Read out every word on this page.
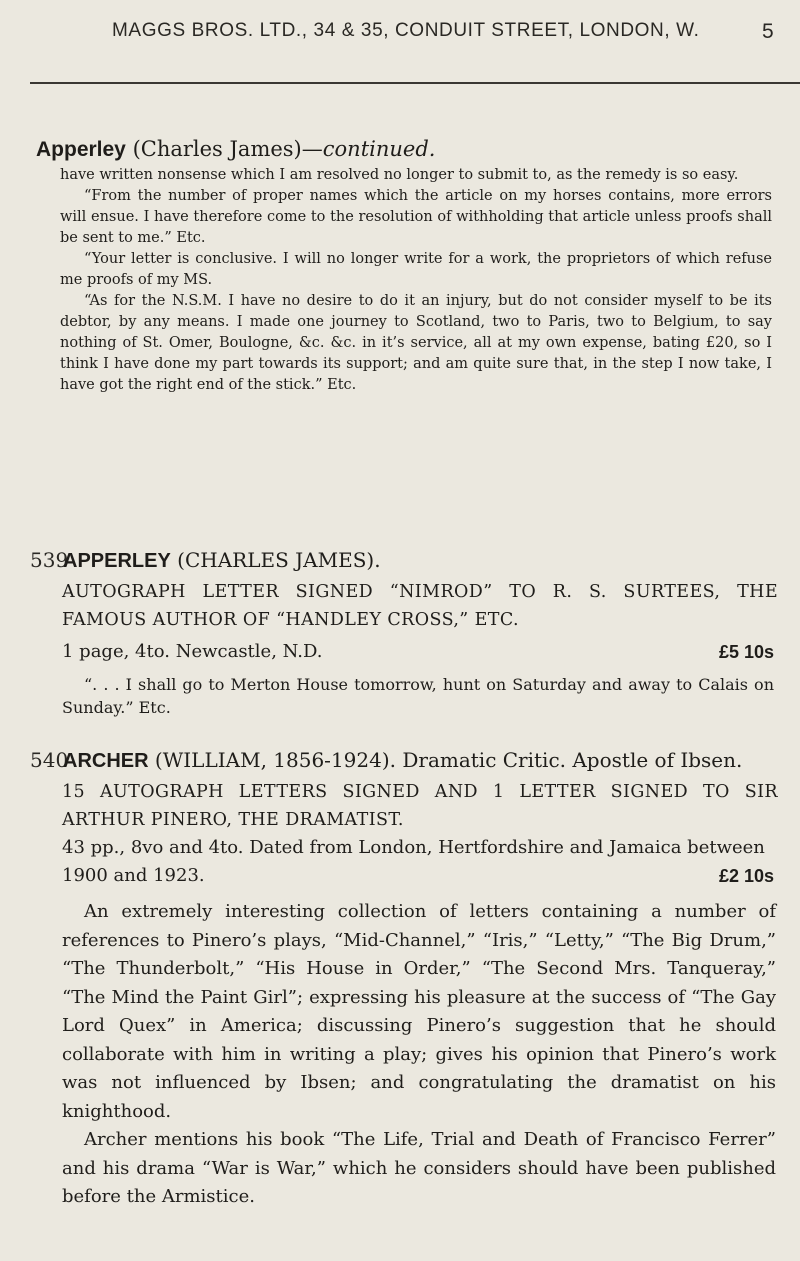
MAGGS BROS. LTD., 34 & 35, CONDUIT STREET, LONDON, W.	5
Apperley (Charles James)—continued.

have written nonsense which I am resolved no longer to submit to, as the remedy is so easy.

“From the number of proper names which the article on my horses contains, more errors will ensue. I have therefore come to the resolution of withholding that article unless proofs shall be sent to me.” Etc.

“Your letter is conclusive. I will no longer write for a work, the proprietors of which refuse me proofs of my MS.

“As for the N.S.M. I have no desire to do it an injury, but do not consider myself to be its debtor, by any means. I made one journey to Scotland, two to Paris, two to Belgium, to say nothing of St. Omer, Boulogne, &c. &c. in it’s service, all at my own expense, bating £20, so I think I have done my part towards its support; and am quite sure that, in the step I now take, I have got the right end of the stick.” Etc.

539
APPERLEY (CHARLES JAMES).
AUTOGRAPH LETTER SIGNED “NIMROD” TO R. S. SURTEES, THE FAMOUS AUTHOR OF “HANDLEY CROSS,” ETC.
1 page, 4to. Newcastle, N.D.	£5 10s

“. . . I shall go to Merton House tomorrow, hunt on Saturday and away to Calais on Sunday.” Etc.

540
ARCHER (WILLIAM, 1856-1924). Dramatic Critic. Apostle of Ibsen.
15 AUTOGRAPH LETTERS SIGNED AND 1 LETTER SIGNED TO SIR ARTHUR PINERO, THE DRAMATIST.
43 pp., 8vo and 4to. Dated from London, Hertfordshire and Jamaica between 1900 and 1923.	£2 10s

An extremely interesting collection of letters containing a number of references to Pinero’s plays, “Mid-Channel,” “Iris,” “Letty,” “The Big Drum,” “The Thunderbolt,” “His House in Order,” “The Second Mrs. Tanqueray,” “The Mind the Paint Girl”; expressing his pleasure at the success of “The Gay Lord Quex” in America; discussing Pinero’s suggestion that he should collaborate with him in writing a play; gives his opinion that Pinero’s work was not influenced by Ibsen; and congratulating the dramatist on his knighthood.

Archer mentions his book “The Life, Trial and Death of Francisco Ferrer” and his drama “War is War,” which he considers should have been published before the Armistice.
